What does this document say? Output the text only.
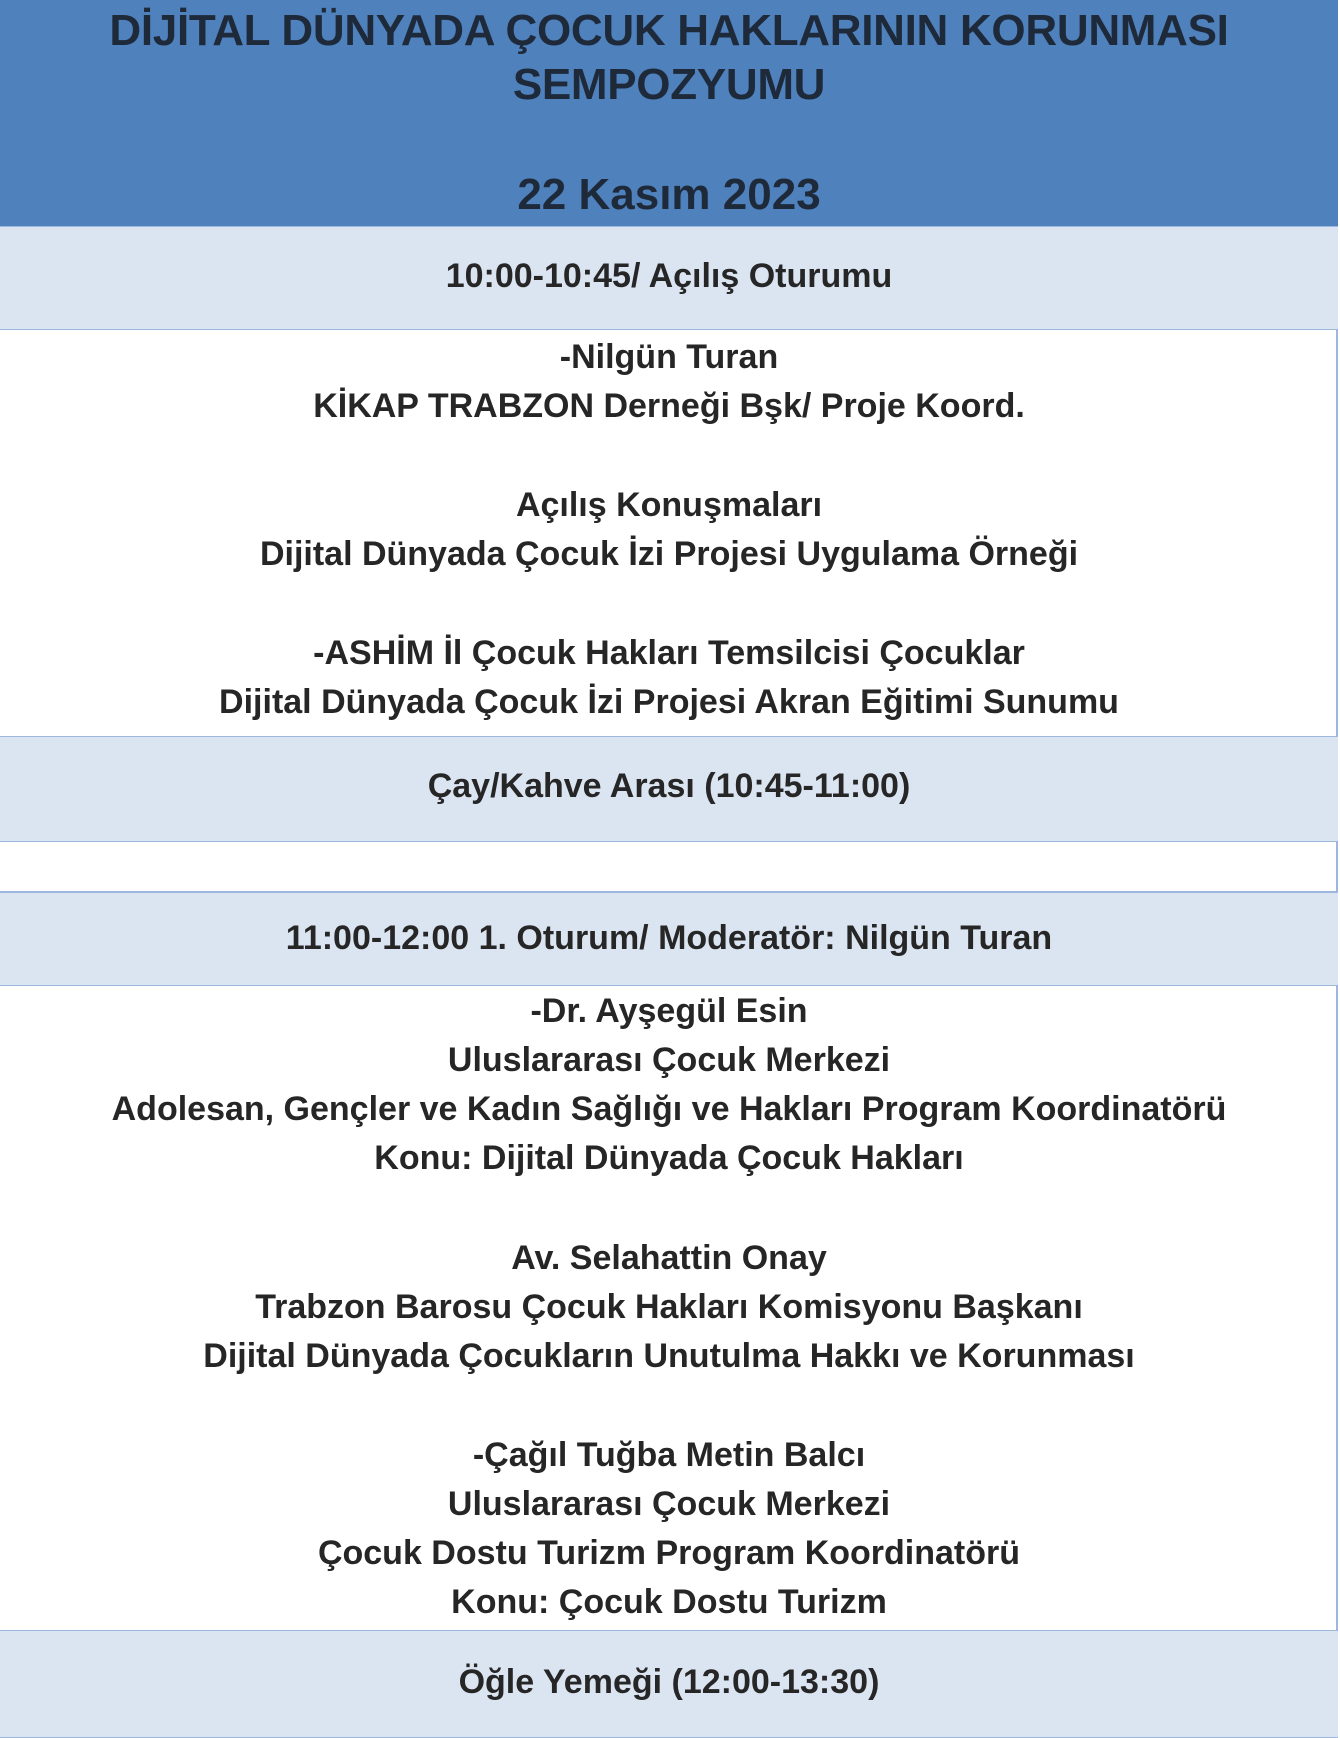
DİJİTAL DÜNYADA ÇOCUK HAKLARININ KORUNMASI
SEMPOZYUMU
22 Kasım 2023
10:00-10:45/ Açılış Oturumu
-Nilgün Turan
KİKAP TRABZON Derneği Bşk/ Proje Koord.
Açılış Konuşmaları
Dijital Dünyada Çocuk İzi Projesi Uygulama Örneği
-ASHİM İl Çocuk Hakları Temsilcisi Çocuklar
Dijital Dünyada Çocuk İzi Projesi Akran Eğitimi Sunumu
Çay/Kahve Arası (10:45-11:00)
11:00-12:00 1. Oturum/ Moderatör: Nilgün Turan
-Dr. Ayşegül Esin
Uluslararası Çocuk Merkezi
Adolesan, Gençler ve Kadın Sağlığı ve Hakları Program Koordinatörü
Konu: Dijital Dünyada Çocuk Hakları
Av. Selahattin Onay
Trabzon Barosu Çocuk Hakları Komisyonu Başkanı
Dijital Dünyada Çocukların Unutulma Hakkı ve Korunması
-Çağıl Tuğba Metin Balcı
Uluslararası Çocuk Merkezi
Çocuk Dostu Turizm Program Koordinatörü
Konu: Çocuk Dostu Turizm
Öğle Yemeği (12:00-13:30)
